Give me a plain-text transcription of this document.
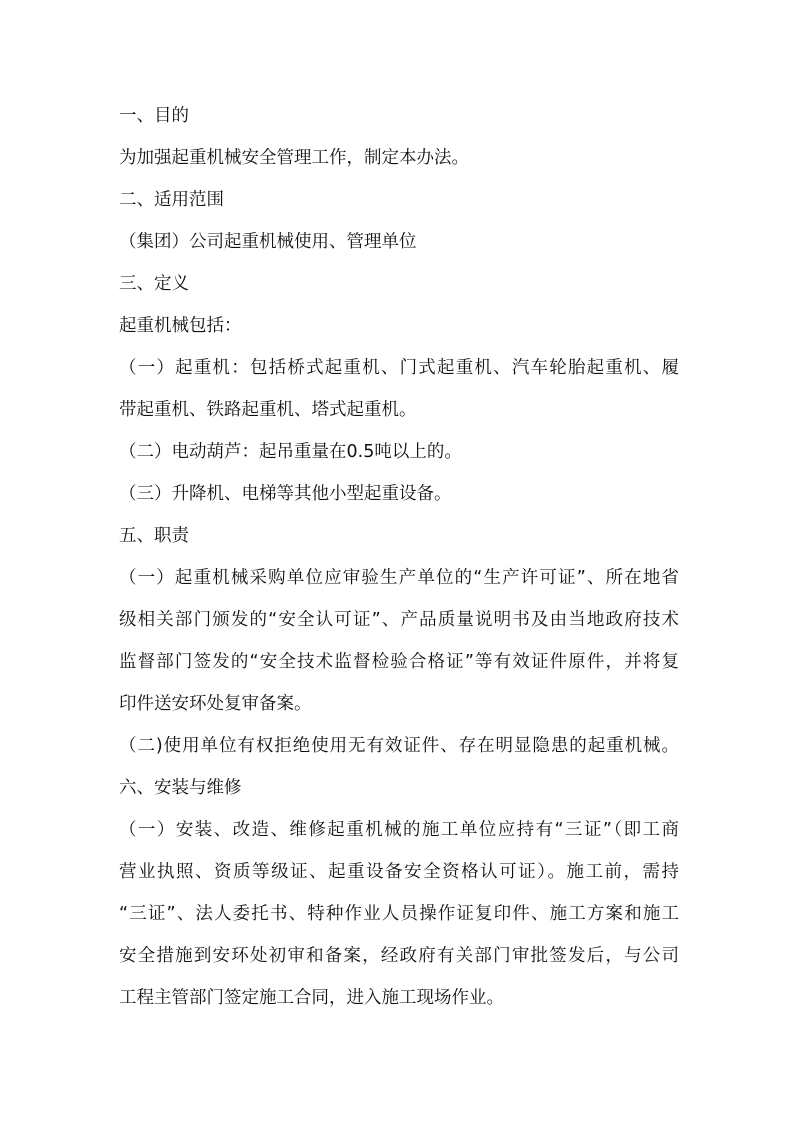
一、目的
为加强起重机械安全管理工作，制定本办法。
二、适用范围
（集团）公司起重机械使用、管理单位
三、定义
起重机械包括：
（一）起重机：包括桥式起重机、门式起重机、汽车轮胎起重机、履
带起重机、铁路起重机、塔式起重机。
（二）电动葫芦：起吊重量在0.5吨以上的。
（三）升降机、电梯等其他小型起重设备。
五、职责
（一）起重机械采购单位应审验生产单位的“生产许可证”、所在地省
级相关部门颁发的“安全认可证”、产品质量说明书及由当地政府技术
监督部门签发的“安全技术监督检验合格证”等有效证件原件，并将复
印件送安环处复审备案。
（二)使用单位有权拒绝使用无有效证件、存在明显隐患的起重机械。
六、安装与维修
（一）安装、改造、维修起重机械的施工单位应持有“三证”（即工商
营业执照、资质等级证、起重设备安全资格认可证）。施工前，需持
“三证”、法人委托书、特种作业人员操作证复印件、施工方案和施工
安全措施到安环处初审和备案，经政府有关部门审批签发后，与公司
工程主管部门签定施工合同，进入施工现场作业。
